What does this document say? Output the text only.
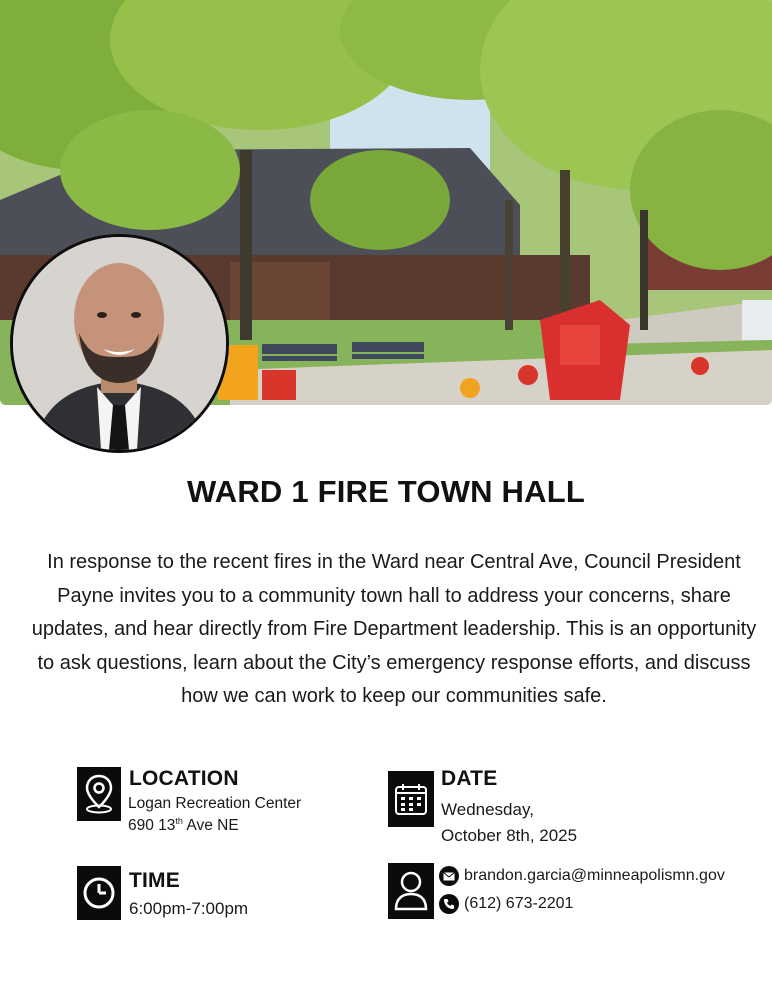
WARD 1 FIRE TOWN HALL

In response to the recent fires in the Ward near Central Ave, Council President Payne invites you to a community town hall to address your concerns, share updates, and hear directly from Fire Department leadership. This is an opportunity to ask questions, learn about the City’s emergency response efforts, and discuss how we can work to keep our communities safe.

LOCATION
Logan Recreation Center
690 13th Ave NE
DATE
Wednesday,
October 8th, 2025
TIME
6:00pm-7:00pm
brandon.garcia@minneapolismn.gov
(612) 673-2201
